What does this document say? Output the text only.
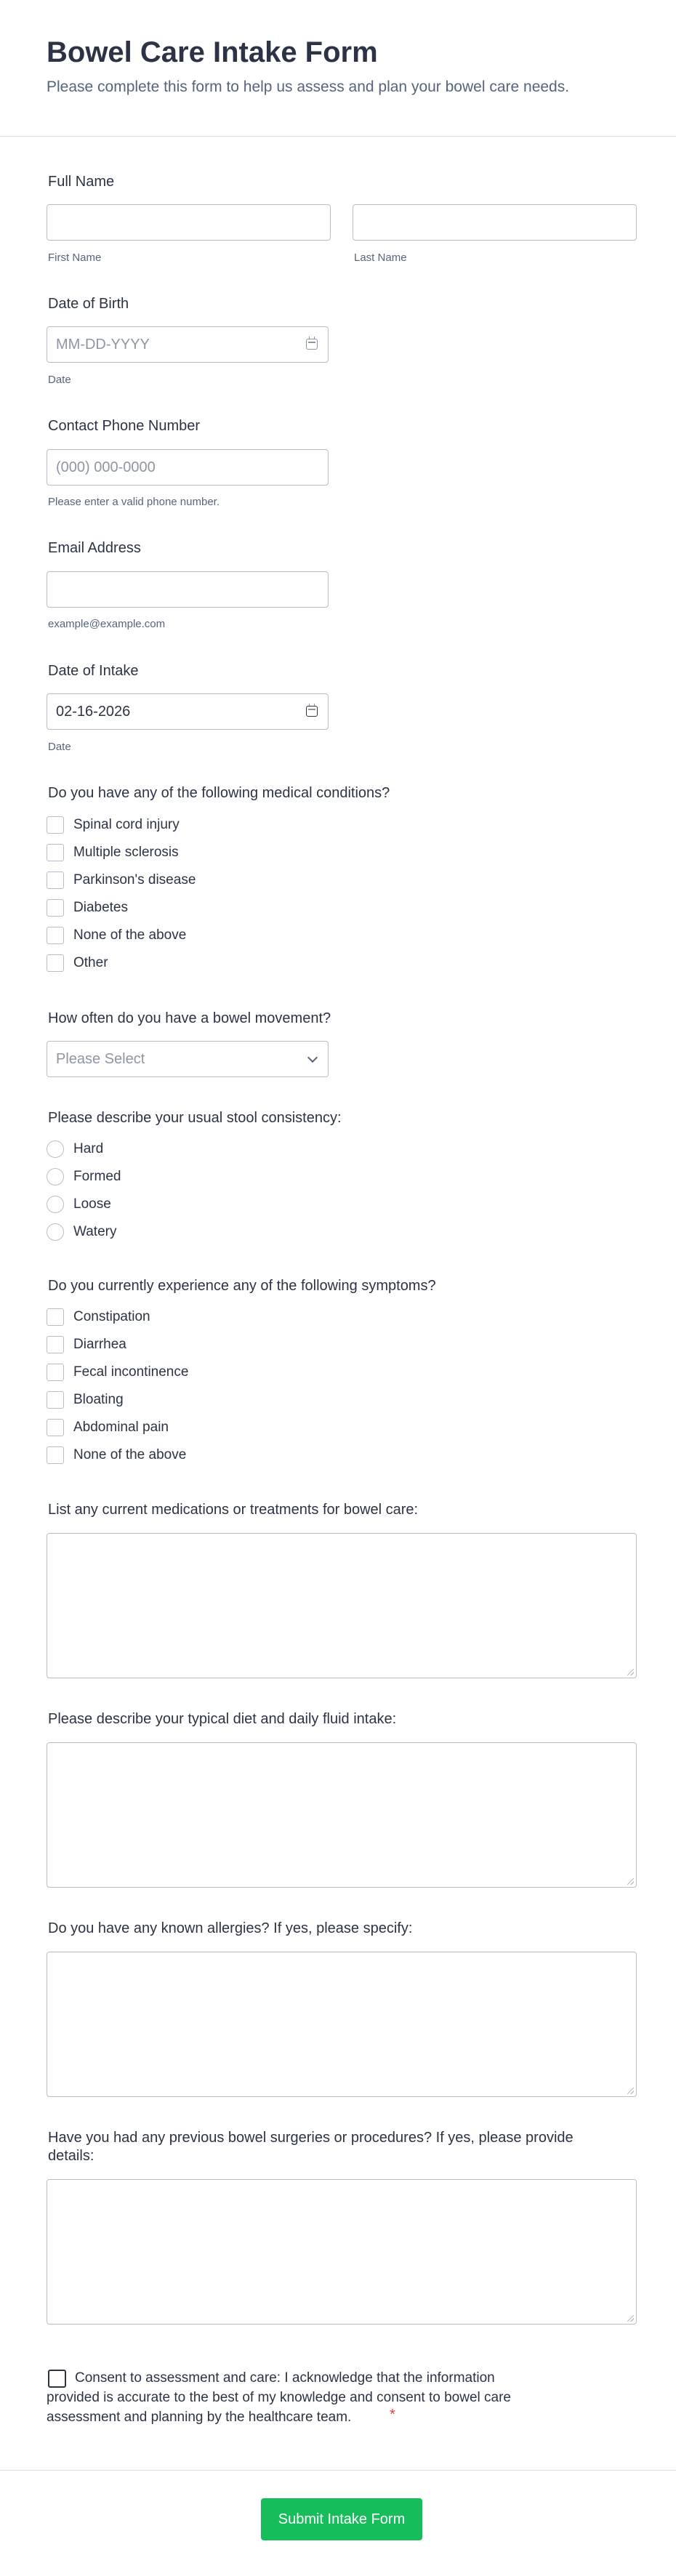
Bowel Care Intake Form
Please complete this form to help us assess and plan your bowel care needs.
Full Name
First Name	Last Name
Date of Birth
MM-DD-YYYY
Date
Contact Phone Number
(000) 000-0000
Please enter a valid phone number.
Email Address
example@example.com
Date of Intake
02-16-2026
Date
Do you have any of the following medical conditions?
Spinal cord injury
Multiple sclerosis
Parkinson's disease
Diabetes
None of the above
Other
How often do you have a bowel movement?
Please Select
Please describe your usual stool consistency:
Hard
Formed
Loose
Watery
Do you currently experience any of the following symptoms?
Constipation
Diarrhea
Fecal incontinence
Bloating
Abdominal pain
None of the above
List any current medications or treatments for bowel care:
Please describe your typical diet and daily fluid intake:
Do you have any known allergies? If yes, please specify:
Have you had any previous bowel surgeries or procedures? If yes, please provide
details:
Consent to assessment and care: I acknowledge that the information
provided is accurate to the best of my knowledge and consent to bowel care
assessment and planning by the healthcare team.	*
Submit Intake Form
